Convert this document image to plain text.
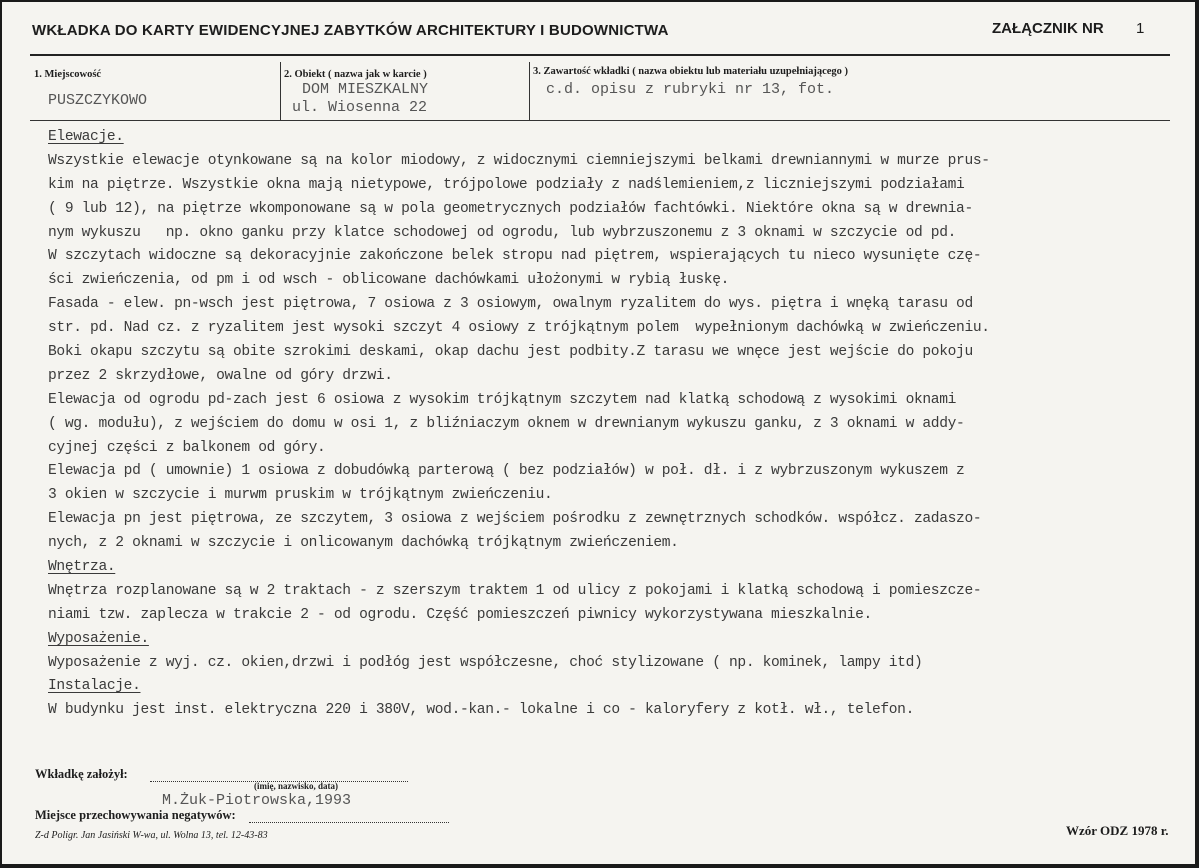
WKŁADKA DO KARTY EWIDENCYJNEJ ZABYTKÓW ARCHITEKTURY I BUDOWNICTWA	ZAŁĄCZNIK NR 1
1. Miejscowość
PUSZCZYKOWO
2. Obiekt ( nazwa jak w karcie )
DOM MIESZKALNY
ul. Wiosenna 22
3. Zawartość wkładki ( nazwa obiektu lub materiału uzupełniającego )
c.d. opisu z rubryki nr 13, fot.
Elewacje.
Wszystkie elewacje otynkowane są na kolor miodowy, z widocznymi ciemniejszymi belkami drewniannymi w murze prus-
kim na piętrze. Wszystkie okna mają nietypowe, trójpolowe podziały z nadślemieniem,z liczniejszymi podziałami
( 9 lub 12), na piętrze wkomponowane są w pola geometrycznych podziałów fachtówki. Niektóre okna są w drewnia-
nym wykuszu   np. okno ganku przy klatce schodowej od ogrodu, lub wybrzuszonemu z 3 oknami w szczycie od pd.
W szczytach widoczne są dekoracyjnie zakończone belek stropu nad piętrem, wspierających tu nieco wysunięte czę-
ści zwieńczenia, od pm i od wsch - oblicowane dachówkami ułożonymi w rybią łuskę.
Fasada - elew. pn-wsch jest piętrowa, 7 osiowa z 3 osiowym, owalnym ryzalitem do wys. piętra i wnęką tarasu od
str. pd. Nad cz. z ryzalitem jest wysoki szczyt 4 osiowy z trójkątnym polem  wypełnionym dachówką w zwieńczeniu.
Boki okapu szczytu są obite szrokimi deskami, okap dachu jest podbity.Z tarasu we wnęce jest wejście do pokoju
przez 2 skrzydłowe, owalne od góry drzwi.
Elewacja od ogrodu pd-zach jest 6 osiowa z wysokim trójkątnym szczytem nad klatką schodową z wysokimi oknami
( wg. modułu), z wejściem do domu w osi 1, z bliźniaczym oknem w drewnianym wykuszu ganku, z 3 oknami w addy-
cyjnej części z balkonem od góry.
Elewacja pd ( umownie) 1 osiowa z dobudówką parterową ( bez podziałów) w poł. dł. i z wybrzuszonym wykuszem z
3 okien w szczycie i murwm pruskim w trójkątnym zwieńczeniu.
Elewacja pn jest piętrowa, ze szczytem, 3 osiowa z wejściem pośrodku z zewnętrznych schodków. współcz. zadaszo-
nych, z 2 oknami w szczycie i onlicowanym dachówką trójkątnym zwieńczeniem.
Wnętrza.
Wnętrza rozplanowane są w 2 traktach - z szerszym traktem 1 od ulicy z pokojami i klatką schodową i pomieszcze-
niami tzw. zaplecza w trakcie 2 - od ogrodu. Część pomieszczeń piwnicy wykorzystywana mieszkalnie.
Wyposażenie.
Wyposażenie z wyj. cz. okien,drzwi i podłóg jest współczesne, choć stylizowane ( np. kominek, lampy itd)
Instalacje.
W budynku jest inst. elektryczna 220 i 380V, wod.-kan.- lokalne i co - kaloryfery z kotł. wł., telefon.
Wkładkę założył:
(imię, nazwisko, data)
M.Żuk-Piotrowska,1993
Miejsce przechowywania negatywów:
Z-d Poligr. Jan Jasiński W-wa, ul. Wolna 13, tel. 12-43-83	Wzór ODZ 1978 r.
